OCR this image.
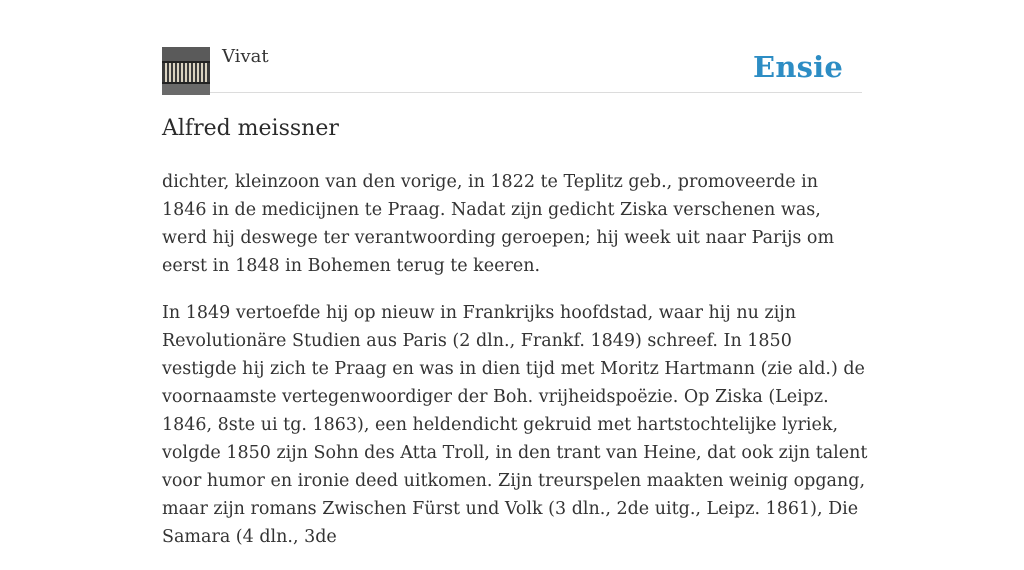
Vivat	Ensie
Alfred meissner

dichter, kleinzoon van den vorige, in 1822 te Teplitz geb., promoveerde in 1846 in de medicijnen te Praag. Nadat zijn gedicht Ziska verschenen was, werd hij deswege ter verantwoording geroepen; hij week uit naar Parijs om eerst in 1848 in Bohemen terug te keeren.

In 1849 vertoefde hij op nieuw in Frankrijks hoofdstad, waar hij nu zijn Revolutionäre Studien aus Paris (2 dln., Frankf. 1849) schreef. In 1850 vestigde hij zich te Praag en was in dien tijd met Moritz Hartmann (zie ald.) de voornaamste vertegenwoordiger der Boh. vrijheidspoëzie. Op Ziska (Leipz. 1846, 8ste ui tg. 1863), een heldendicht gekruid met hartstochtelijke lyriek, volgde 1850 zijn Sohn des Atta Troll, in den trant van Heine, dat ook zijn talent voor humor en ironie deed uitkomen. Zijn treurspelen maakten weinig opgang, maar zijn romans Zwischen Fürst und Volk (3 dln., 2de uitg., Leipz. 1861), Die Samara (4 dln., 3de
